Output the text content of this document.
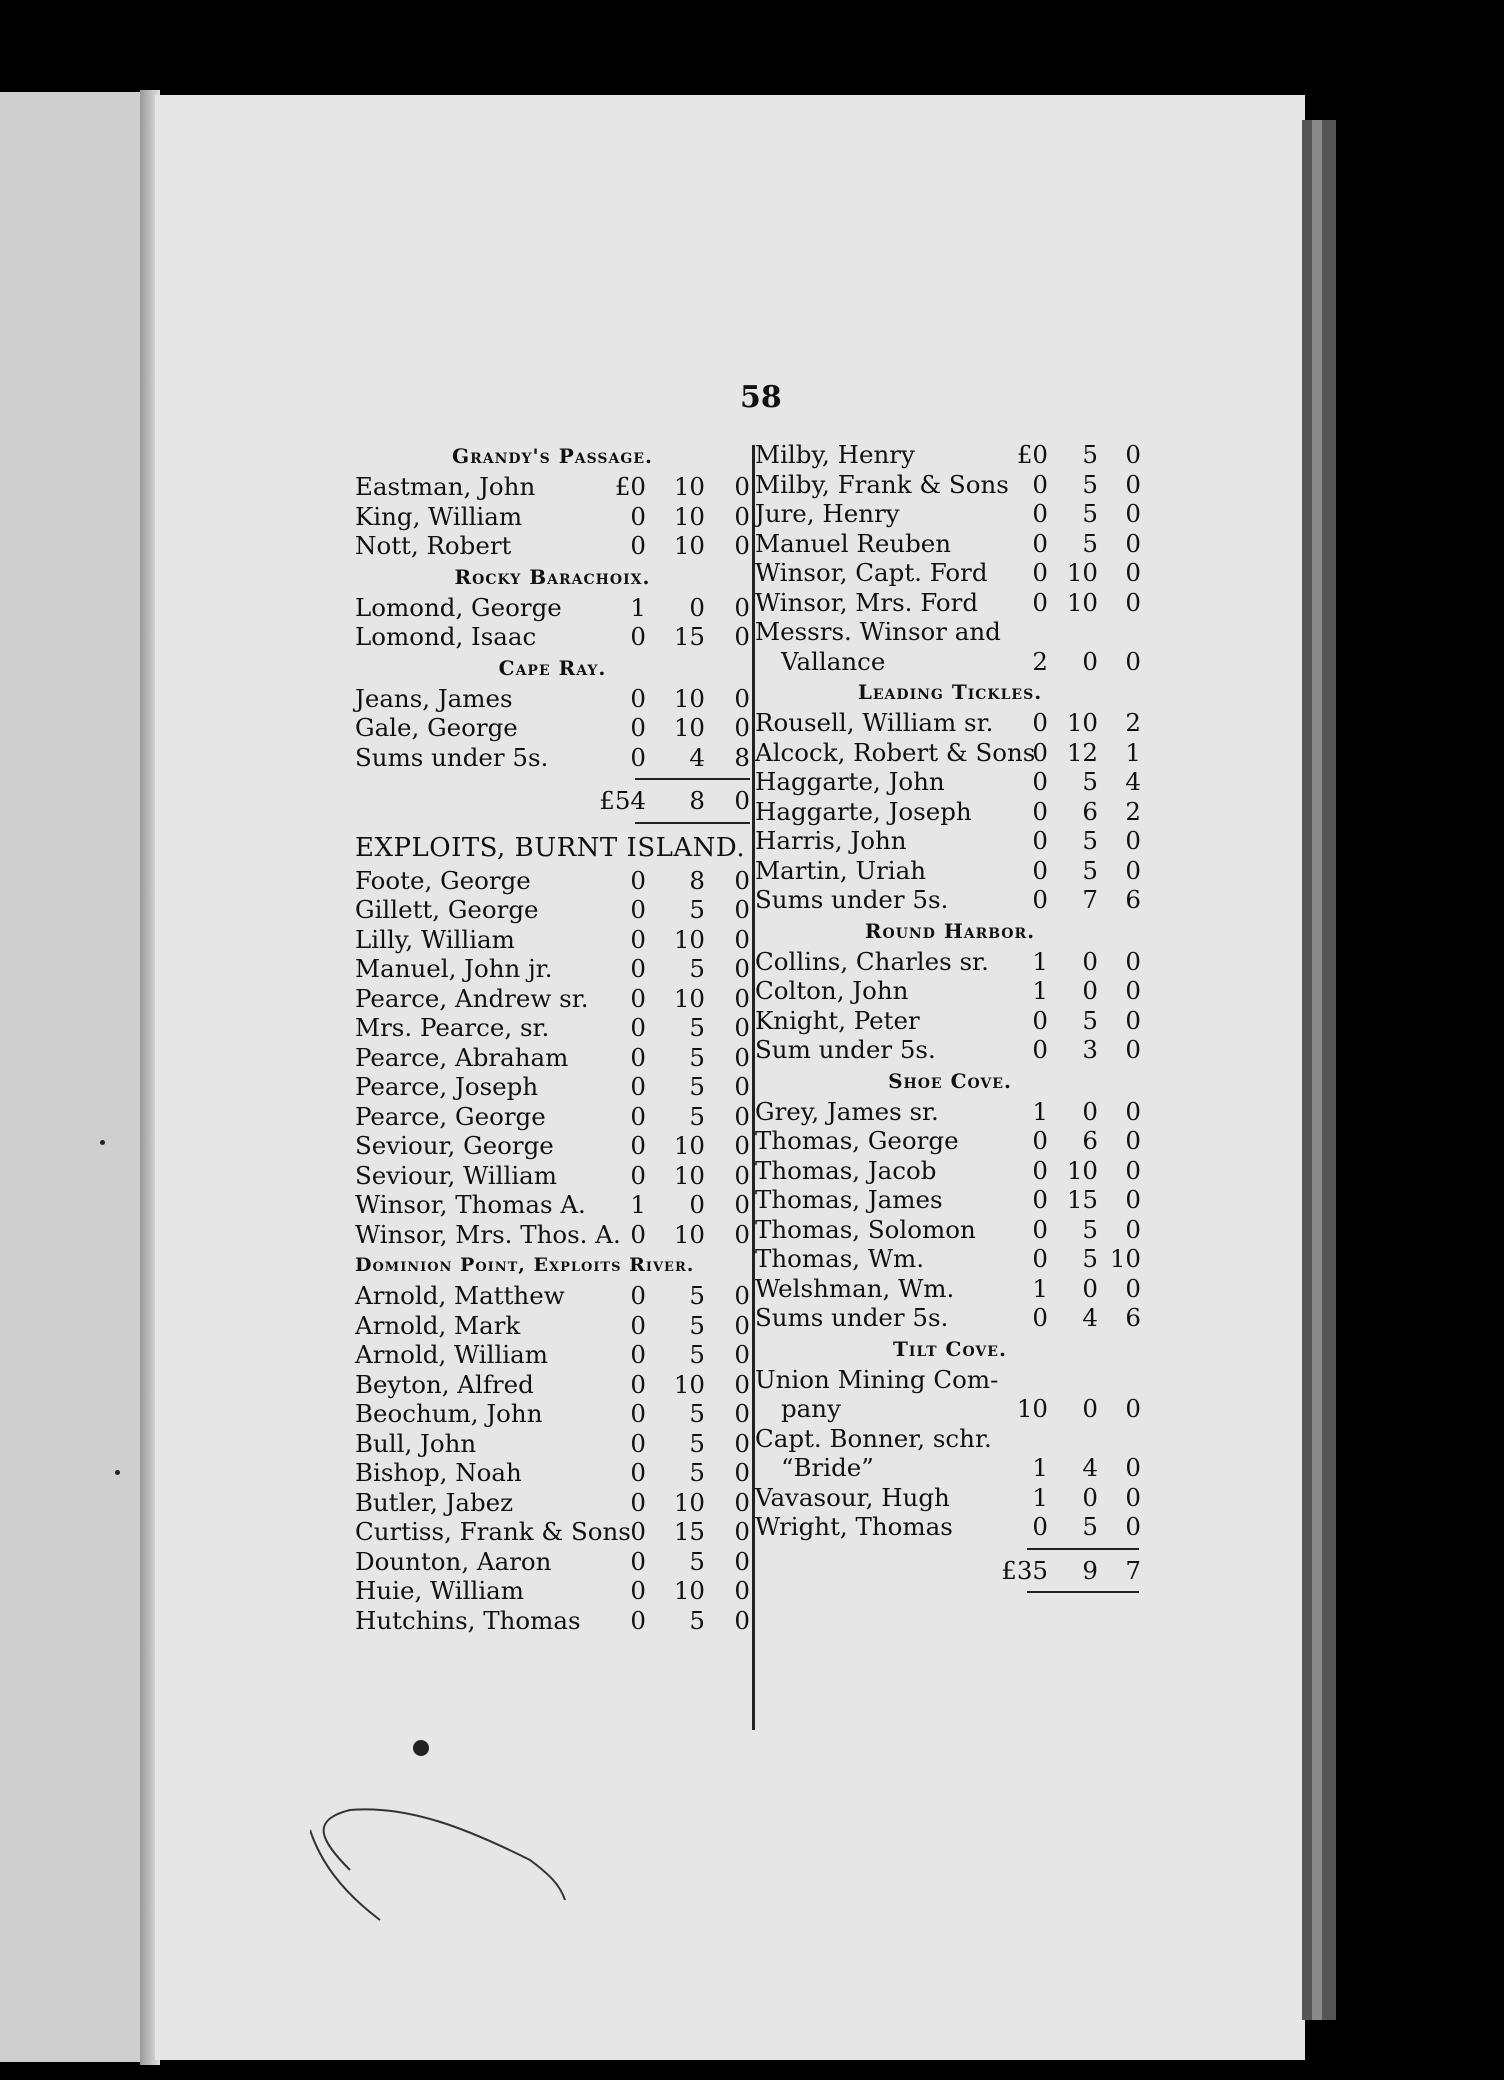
58
Grandy's Passage.
Eastman, John	£0 10 0
King, William	0 10 0
Nott, Robert	0 10 0
Rocky Barachoix.
Lomond, George	1 0 0
Lomond, Isaac	0 15 0
Cape Ray.
Jeans, James	0 10 0
Gale, George	0 10 0
Sums under 5s.	0 4 8
£54 8 0
EXPLOITS, BURNT ISLAND.
Foote, George	0 8 0
Gillett, George	0 5 0
Lilly, William	0 10 0
Manuel, John jr.	0 5 0
Pearce, Andrew sr. 0 10 0
Mrs. Pearce, sr.	0 5 0
Pearce, Abraham	0 5 0
Pearce, Joseph	0 5 0
Pearce, George	0 5 0
Seviour, George	0 10 0
Seviour, William	0 10 0
Winsor, Thomas A. 1 0 0
Winsor, Mrs. Thos. A. 0 10 0
Dominion Point, Exploits River.
Arnold, Matthew	0 5 0
Arnold, Mark	0 5 0
Arnold, William	0 5 0
Beyton, Alfred	0 10 0
Beochum, John	0 5 0
Bull, John	0 5 0
Bishop, Noah	0 5 0
Butler, Jabez	0 10 0
Curtiss, Frank & Sons 0 15 0
Dounton, Aaron	0 5 0
Huie, William	0 10 0
Hutchins, Thomas 0 5 0
Milby, Henry	£0 5 0
Milby, Frank & Sons 0 5 0
Jure, Henry	0 5 0
Manuel Reuben	0 5 0
Winsor, Capt. Ford 0 10 0
Winsor, Mrs. Ford 0 10 0
Messrs. Winsor and
Vallance	2 0 0
Leading Tickles.
Rousell, William sr. 0 10 2
Alcock, Robert & Sons
0 12 1
Haggarte, John	0 5 4
Haggarte, Joseph 0 6 2
Harris, John	0 5 0
Martin, Uriah	0 5 0
Sums under 5s.	0 7 6
Round Harbor.
Collins, Charles sr. 1 0 0
Colton, John	1 0 0
Knight, Peter	0 5 0
Sum under 5s.	0 3 0
Shoe Cove.
Grey, James sr.	1 0 0
Thomas, George	0 6 0
Thomas, Jacob	0 10 0
Thomas, James	0 15 0
Thomas, Solomon 0 5 0
Thomas, Wm.	0 5 10
Welshman, Wm.	1 0 0
Sums under 5s.	0 4 6
Tilt Cove.
Union Mining Com-
pany	10 0 0
Capt. Bonner, schr.
“Bride”	1 4 0
Vavasour, Hugh	1 0 0
Wright, Thomas	0 5 0
£35 9 7
